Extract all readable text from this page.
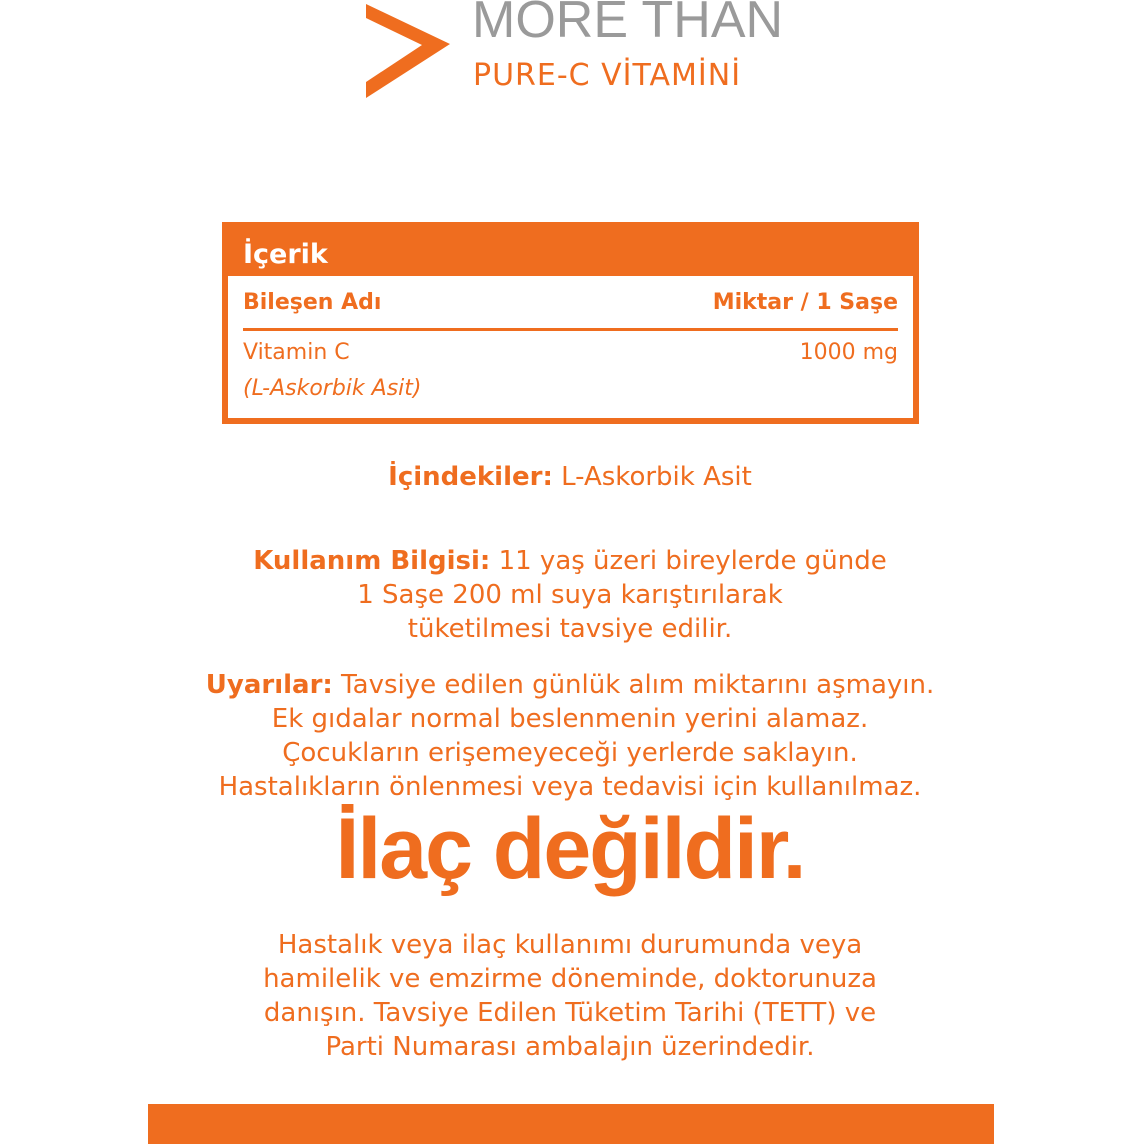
MORE THAN
PURE-C VİTAMİNİ
İçerik
Bileşen Adı	Miktar / 1 Saşe
Vitamin C
(L-Askorbik Asit)
1000 mg
İçindekiler: L-Askorbik Asit
Kullanım Bilgisi: 11 yaş üzeri bireylerde günde
1 Saşe 200 ml suya karıştırılarak
tüketilmesi tavsiye edilir.
Uyarılar: Tavsiye edilen günlük alım miktarını aşmayın.
Ek gıdalar normal beslenmenin yerini alamaz.
Çocukların erişemeyeceği yerlerde saklayın.
Hastalıkların önlenmesi veya tedavisi için kullanılmaz.
İlaç değildir.
Hastalık veya ilaç kullanımı durumunda veya
hamilelik ve emzirme döneminde, doktorunuza
danışın. Tavsiye Edilen Tüketim Tarihi (TETT) ve
Parti Numarası ambalajın üzerindedir.
